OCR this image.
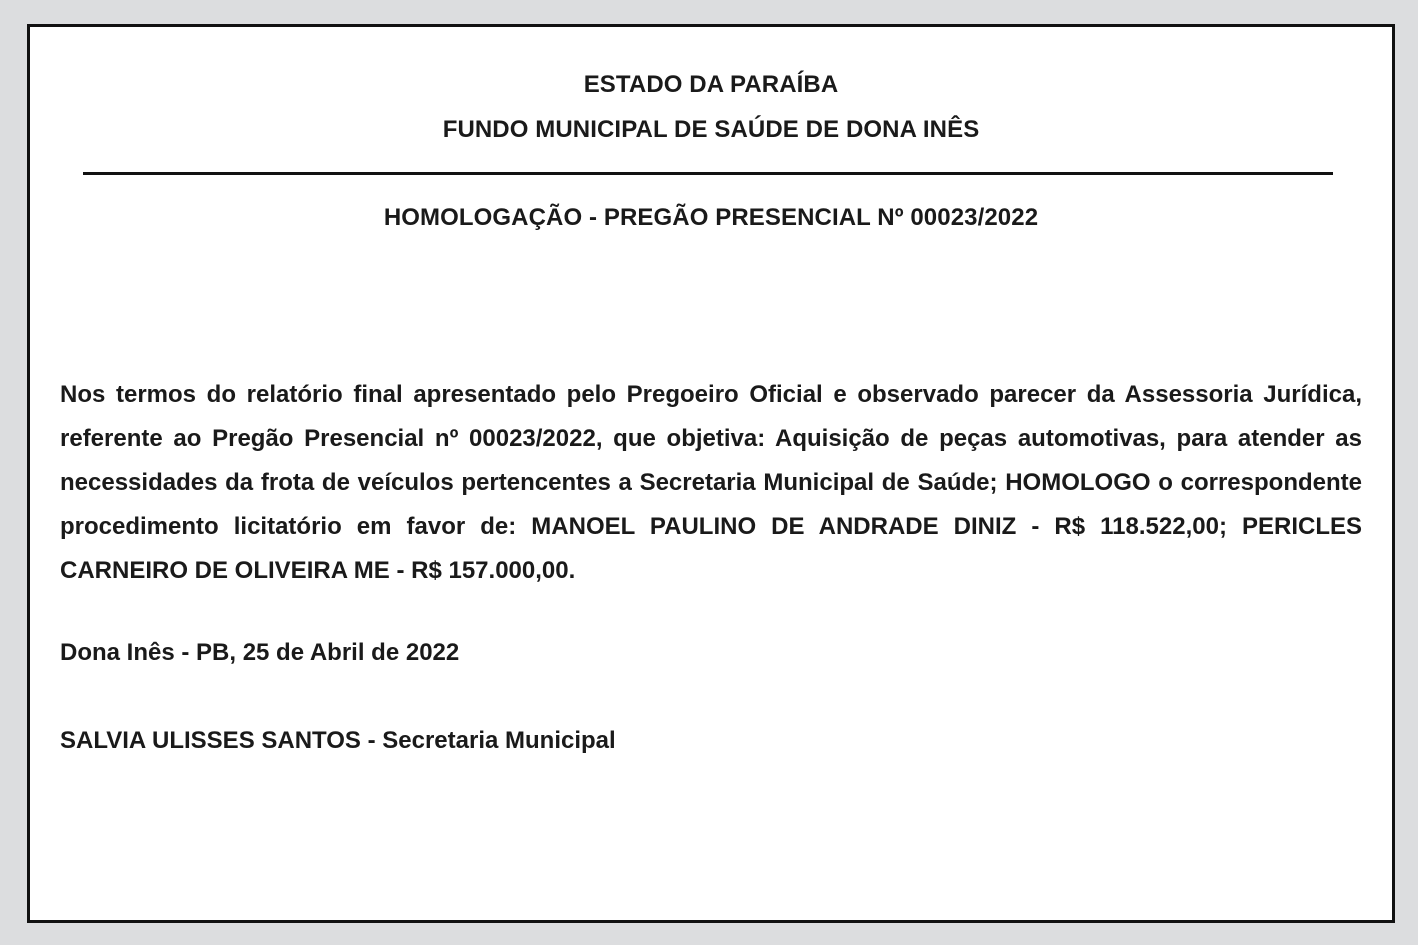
ESTADO DA PARAÍBA
FUNDO MUNICIPAL DE SAÚDE DE DONA INÊS
HOMOLOGAÇÃO - PREGÃO PRESENCIAL Nº 00023/2022

Nos termos do relatório final apresentado pelo Pregoeiro Oficial e observado parecer da Assessoria Jurídica, referente ao Pregão Presencial nº 00023/2022, que objetiva: Aquisição de peças automotivas, para atender as necessidades da frota de veículos pertencentes a Secretaria Municipal de Saúde; HOMOLOGO o correspondente procedimento licitatório em favor de: MANOEL PAULINO DE ANDRADE DINIZ - R$ 118.522,00; PERICLES CARNEIRO DE OLIVEIRA ME - R$ 157.000,00.

Dona Inês - PB, 25 de Abril de 2022

SALVIA ULISSES SANTOS - Secretaria Municipal
